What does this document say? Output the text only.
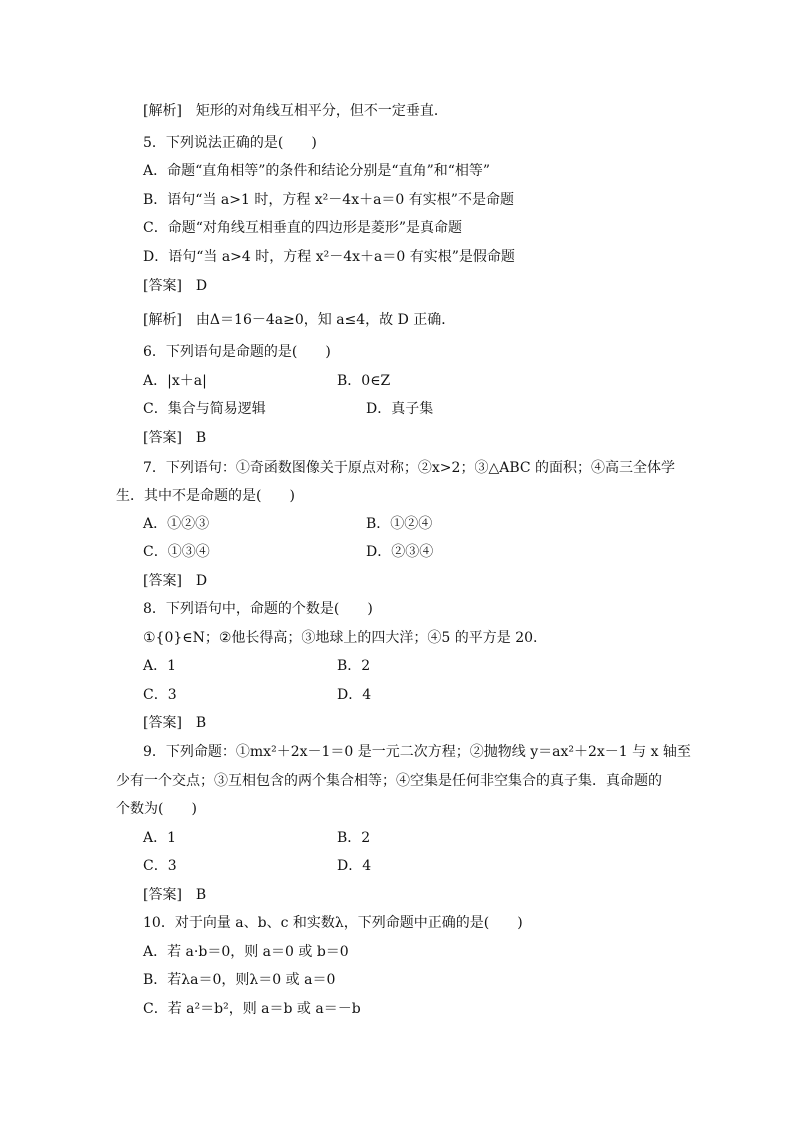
[解析]　矩形的对角线互相平分，但不一定垂直．
5．下列说法正确的是(　　)
A．命题“直角相等”的条件和结论分别是“直角”和“相等”
B．语句“当 a>1 时，方程 x²－4x＋a＝0 有实根”不是命题
C．命题“对角线互相垂直的四边形是菱形”是真命题
D．语句“当 a>4 时，方程 x²－4x＋a＝0 有实根”是假命题
[答案]　D
[解析]　由Δ＝16－4a≥0，知 a≤4，故 D 正确．
6．下列语句是命题的是(　　)
A．|x＋a|	B．0∈Z
C．集合与简易逻辑	D．真子集
[答案]　B
7．下列语句：①奇函数图像关于原点对称；②x>2；③△ABC 的面积；④高三全体学
生．其中不是命题的是(　　)
A．①②③	B．①②④
C．①③④	D．②③④
[答案]　D
8．下列语句中，命题的个数是(　　)
①{0}∈N；②他长得高；③地球上的四大洋；④5 的平方是 20.
A．1	B．2
C．3	D．4
[答案]　B
9．下列命题：①mx²＋2x－1＝0 是一元二次方程；②抛物线 y＝ax²＋2x－1 与 x 轴至
少有一个交点；③互相包含的两个集合相等；④空集是任何非空集合的真子集．真命题的
个数为(　　)
A．1	B．2
C．3	D．4
[答案]　B
10．对于向量 a、b、c 和实数λ，下列命题中正确的是(　　)
A．若 a·b＝0，则 a＝0 或 b＝0
B．若λa＝0，则λ＝0 或 a＝0
C．若 a²＝b²，则 a＝b 或 a＝－b
